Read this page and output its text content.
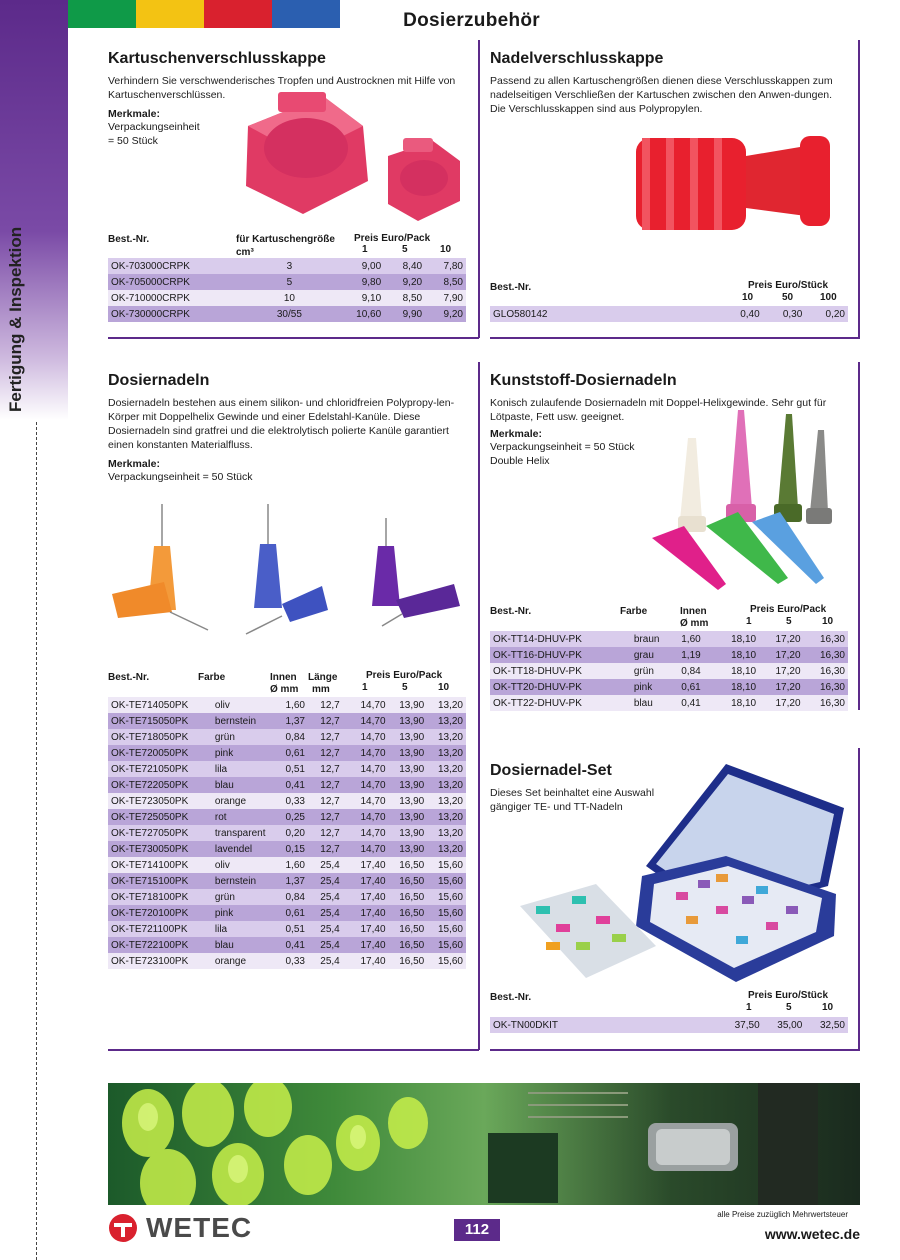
Dosierzubehör
Fertigung & Inspektion
Kartuschenverschlusskappe
Verhindern Sie verschwenderisches Tropfen und Austrocknen mit Hilfe von Kartuschenverschlüssen.
Merkmale:
Verpackungseinheit
= 50 Stück
Best.-Nr.	für Kartuschengröße
cm³
Preis Euro/Pack
1	5	10
OK-703000CRPK	3	9,00	8,40	7,80
OK-705000CRPK	5	9,80	9,20	8,50
OK-710000CRPK	10	9,10	8,50	7,90
OK-730000CRPK	30/55	10,60	9,90	9,20
Nadelverschlusskappe
Passend zu allen Kartuschengrößen dienen diese Verschlusskappen zum nadelseitigen Verschließen der Kartuschen zwischen den Anwen-dungen. Die Verschlusskappen sind aus Polypropylen.
Best.-Nr.	Preis Euro/Stück
10	50	100
GLO580142	0,40	0,30	0,20
Dosiernadeln
Dosiernadeln bestehen aus einem silikon- und chloridfreien Polypropy-len-Körper mit Doppelhelix Gewinde und einer Edelstahl-Kanüle. Diese Dosiernadeln sind gratfrei und die elektrolytisch polierte Kanüle garantiert einen konstanten Materialfluss.
Merkmale:
Verpackungseinheit = 50 Stück
Best.-Nr.	Farbe	Innen
Ø mm
Länge
mm
Preis Euro/Pack
1	5	10
OK-TE714050PK	oliv	1,60	12,7	14,70	13,90	13,20
OK-TE715050PK	bernstein	1,37	12,7	14,70	13,90	13,20
OK-TE718050PK	grün	0,84	12,7	14,70	13,90	13,20
OK-TE720050PK	pink	0,61	12,7	14,70	13,90	13,20
OK-TE721050PK	lila	0,51	12,7	14,70	13,90	13,20
OK-TE722050PK	blau	0,41	12,7	14,70	13,90	13,20
OK-TE723050PK	orange	0,33	12,7	14,70	13,90	13,20
OK-TE725050PK	rot	0,25	12,7	14,70	13,90	13,20
OK-TE727050PK	transparent	0,20	12,7	14,70	13,90	13,20
OK-TE730050PK	lavendel	0,15	12,7	14,70	13,90	13,20
OK-TE714100PK	oliv	1,60	25,4	17,40	16,50	15,60
OK-TE715100PK	bernstein	1,37	25,4	17,40	16,50	15,60
OK-TE718100PK	grün	0,84	25,4	17,40	16,50	15,60
OK-TE720100PK	pink	0,61	25,4	17,40	16,50	15,60
OK-TE721100PK	lila	0,51	25,4	17,40	16,50	15,60
OK-TE722100PK	blau	0,41	25,4	17,40	16,50	15,60
OK-TE723100PK	orange	0,33	25,4	17,40	16,50	15,60
Kunststoff-Dosiernadeln
Konisch zulaufende Dosiernadeln mit Doppel-Helixgewinde. Sehr gut für Lötpaste, Fett usw. geeignet.
Merkmale:
Verpackungseinheit = 50 Stück
Double Helix
Best.-Nr.	Farbe	Innen
Ø mm
Preis Euro/Pack
1	5	10
OK-TT14-DHUV-PK	braun	1,60	18,10	17,20	16,30
OK-TT16-DHUV-PK	grau	1,19	18,10	17,20	16,30
OK-TT18-DHUV-PK	grün	0,84	18,10	17,20	16,30
OK-TT20-DHUV-PK	pink	0,61	18,10	17,20	16,30
OK-TT22-DHUV-PK	blau	0,41	18,10	17,20	16,30
Dosiernadel-Set
Dieses Set beinhaltet eine Auswahl gängiger TE- und TT-Nadeln
Best.-Nr.	Preis Euro/Stück
1	5	10
OK-TN00DKIT	37,50	35,00	32,50
WETEC	112
alle Preise zuzüglich Mehrwertsteuer
www.wetec.de
